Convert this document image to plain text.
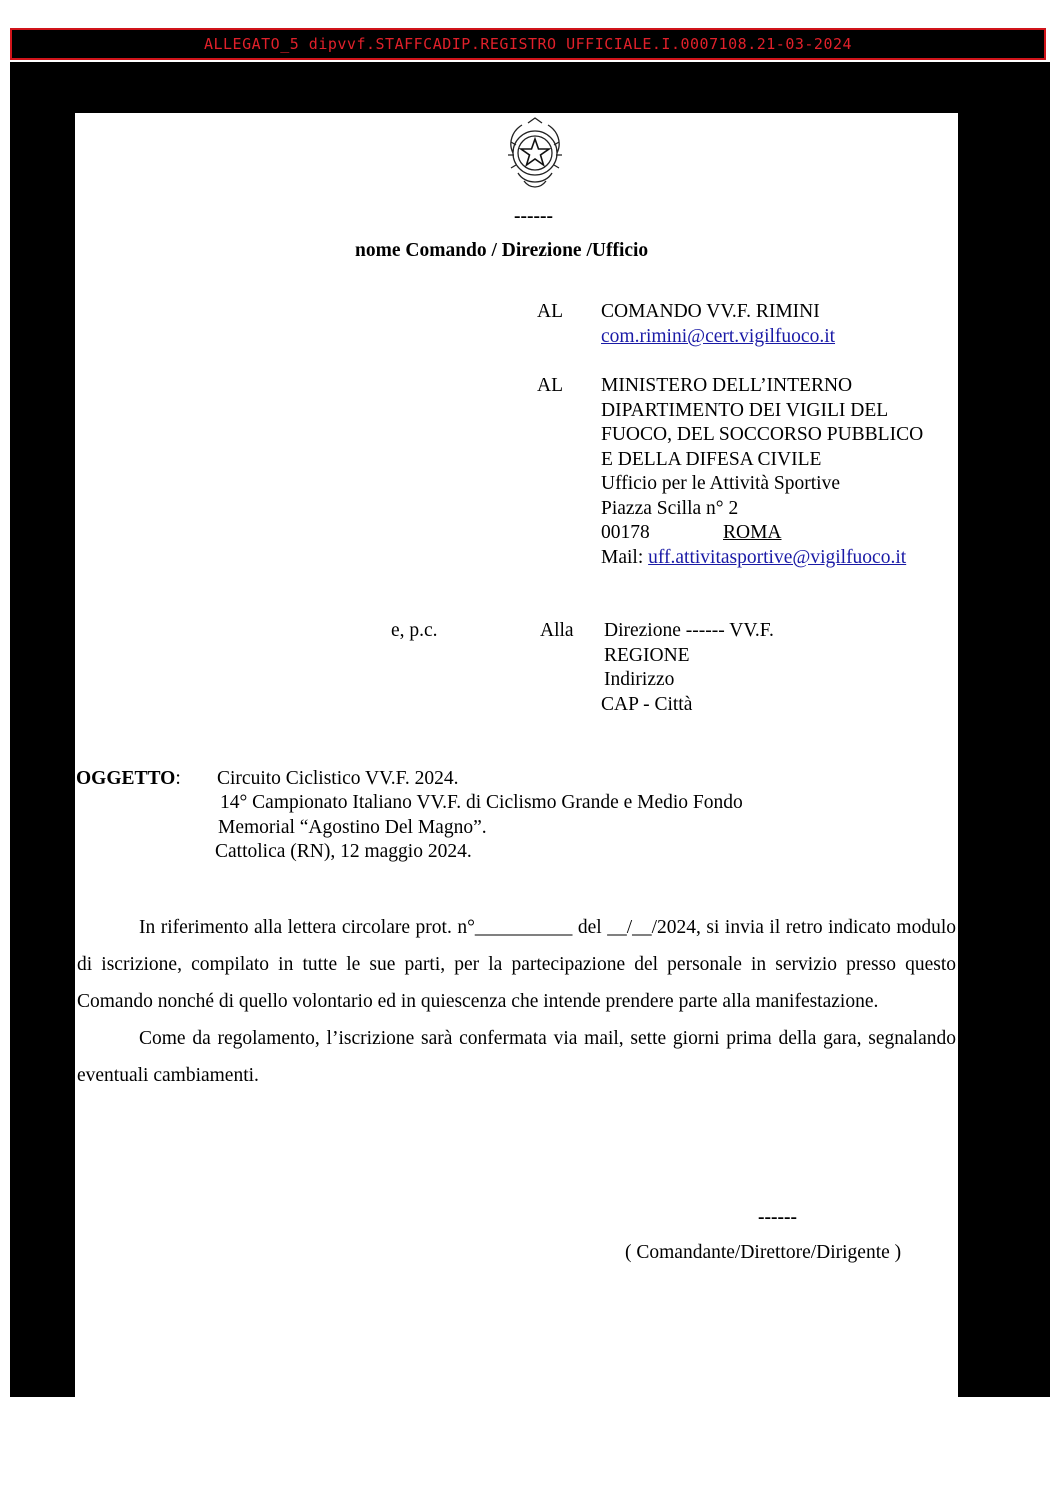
ALLEGATO_5 dipvvf.STAFFCADIP.REGISTRO UFFICIALE.I.0007108.21-03-2024
------
nome Comando / Direzione /Ufficio
AL COMANDO VV.F. RIMINI
com.rimini@cert.vigilfuoco.it
AL MINISTERO DELL’INTERNO
DIPARTIMENTO DEI VIGILI DEL
FUOCO, DEL SOCCORSO PUBBLICO
E DELLA DIFESA CIVILE
Ufficio per le Attività Sportive
Piazza Scilla n° 2
00178	ROMA
Mail: uff.attivitasportive@vigilfuoco.it
e, p.c.	Alla Direzione ------ VV.F.
REGIONE
Indirizzo
CAP - Città
OGGETTO: Circuito Ciclistico VV.F. 2024.
14° Campionato Italiano VV.F. di Ciclismo Grande e Medio Fondo
Memorial “Agostino Del Magno”.
Cattolica (RN), 12 maggio 2024.

In riferimento alla lettera circolare prot. n°__________ del __/__/2024, si invia il retro indicato modulo di iscrizione, compilato in tutte le sue parti, per la partecipazione del personale in servizio presso questo Comando nonché di quello volontario ed in quiescenza che intende prendere parte alla manifestazione.

Come da regolamento, l’iscrizione sarà confermata via mail, sette giorni prima della gara, segnalando eventuali cambiamenti.

------
( Comandante/Direttore/Dirigente )
